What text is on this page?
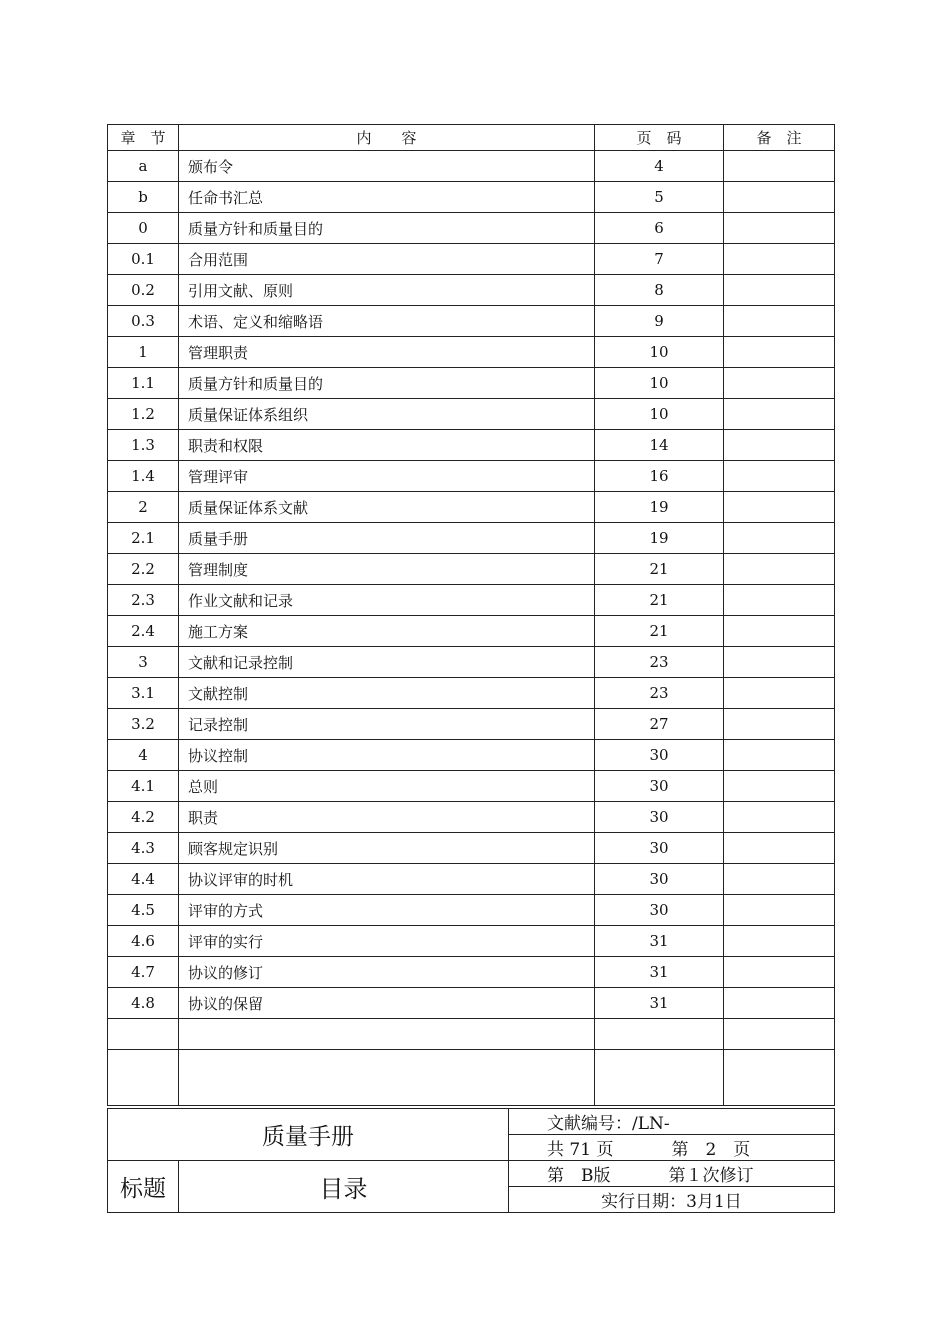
章　节	内　　容	页　码	备　注
a	颁布令	4	
b	任命书汇总	5	
0	质量方针和质量目的	6	
0.1	合用范围	7	
0.2	引用文献、原则	8	
0.3	术语、定义和缩略语	9	
1	管理职责	10	
1.1	质量方针和质量目的	10	
1.2	质量保证体系组织	10	
1.3	职责和权限	14	
1.4	管理评审	16	
2	质量保证体系文献	19	
2.1	质量手册	19	
2.2	管理制度	21	
2.3	作业文献和记录	21	
2.4	施工方案	21	
3	文献和记录控制	23	
3.1	文献控制	23	
3.2	记录控制	27	
4	协议控制	30	
4.1	总则	30	
4.2	职责	30	
4.3	顾客规定识别	30	
4.4	协议评审的时机	30	
4.5	评审的方式	30	
4.6	评审的实行	31	
4.7	协议的修订	31	
4.8	协议的保留	31	

质量手册		文献编号：/LN-
		共 71 页 第　2　页
标题	目录	第　B版 第１次修订
		实行日期：3月1日
